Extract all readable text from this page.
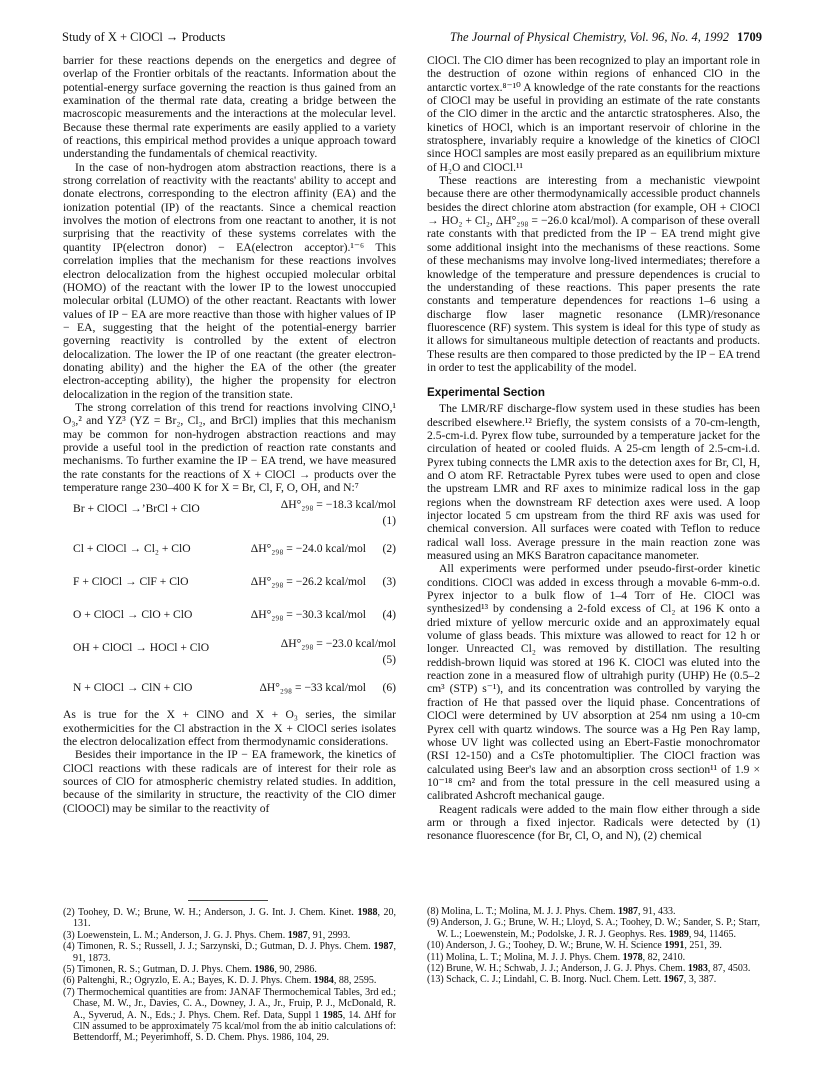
Study of X + ClOCl → Products	The Journal of Physical Chemistry, Vol. 96, No. 4, 1992 1709

barrier for these reactions depends on the energetics and degree of overlap of the Frontier orbitals of the reactants. Information about the potential-energy surface governing the reaction is thus gained from an examination of the thermal rate data, creating a bridge between the macroscopic measurements and the interactions at the molecular level. Because these thermal rate experiments are easily applied to a variety of reactions, this empirical method provides a unique approach toward understanding the fundamentals of chemical reactivity.

In the case of non-hydrogen atom abstraction reactions, there is a strong correlation of reactivity with the reactants' ability to accept and donate electrons, corresponding to the electron affinity (EA) and the ionization potential (IP) of the reactants. Since a chemical reaction involves the motion of electrons from one reactant to another, it is not surprising that the reactivity of these systems correlates with the quantity IP(electron donor) − EA(electron acceptor).¹⁻⁶ This correlation implies that the mechanism for these reactions involves electron delocalization from the highest occupied molecular orbital (HOMO) of the reactant with the lower IP to the lowest unoccupied molecular orbital (LUMO) of the other reactant. Reactants with lower values of IP − EA are more reactive than those with higher values of IP − EA, suggesting that the height of the potential-energy barrier governing reactivity is controlled by the extent of electron delocalization. The lower the IP of one reactant (the greater electron-donating ability) and the higher the EA of the other (the greater electron-accepting ability), the higher the propensity for electron delocalization in the region of the transition state.

The strong correlation of this trend for reactions involving ClNO,¹ O₃,² and YZ³ (YZ = Br₂, Cl₂, and BrCl) implies that this mechanism may be common for non-hydrogen abstraction reactions and may provide a useful tool in the prediction of reaction rate constants and mechanisms. To further examine the IP − EA trend, we have measured the rate constants for the reactions of X + ClOCl → products over the temperature range 230–400 K for X = Br, Cl, F, O, OH, and N:⁷

Br + ClOCl →’BrCl + ClO	ΔH°₂₉₈ = −18.3 kcal/mol
(1)
Cl + ClOCl → Cl₂ + ClO	ΔH°₂₉₈ = −24.0 kcal/mol (2)
F + ClOCl → ClF + ClO	ΔH°₂₉₈ = −26.2 kcal/mol (3)
O + ClOCl → ClO + ClO	ΔH°₂₉₈ = −30.3 kcal/mol (4)
OH + ClOCl → HOCl + ClO	ΔH°₂₉₈ = −23.0 kcal/mol
(5)
N + ClOCl → ClN + ClO	ΔH°₂₉₈ = −33 kcal/mol (6)

As is true for the X + ClNO and X + O₃ series, the similar exothermicities for the Cl abstraction in the X + ClOCl series isolates the electron delocalization effect from thermodynamic considerations.

Besides their importance in the IP − EA framework, the kinetics of ClOCl reactions with these radicals are of interest for their role as sources of ClO for atmospheric chemistry related studies. In addition, because of the similarity in structure, the reactivity of the ClO dimer (ClOOCl) may be similar to the reactivity of

ClOCl. The ClO dimer has been recognized to play an important role in the destruction of ozone within regions of enhanced ClO in the antarctic vortex.⁸⁻¹⁰ A knowledge of the rate constants for the reactions of ClOCl may be useful in providing an estimate of the rate constants of the ClO dimer in the arctic and the antarctic stratospheres. Also, the kinetics of HOCl, which is an important reservoir of chlorine in the stratosphere, invariably require a knowledge of the kinetics of ClOCl since HOCl samples are most easily prepared as an equilibrium mixture of H₂O and ClOCl.¹¹

These reactions are interesting from a mechanistic viewpoint because there are other thermodynamically accessible product channels besides the direct chlorine atom abstraction (for example, OH + ClOCl → HO₂ + Cl₂, ΔH°₂₉₈ = −26.0 kcal/mol). A comparison of these overall rate constants with that predicted from the IP − EA trend might give some additional insight into the mechanisms of these reactions. Some of these mechanisms may involve long-lived intermediates; therefore a knowledge of the temperature and pressure dependences is crucial to the understanding of these reactions. This paper presents the rate constants and temperature dependences for reactions 1–6 using a discharge flow laser magnetic resonance (LMR)/resonance fluorescence (RF) system. This system is ideal for this type of study as it allows for simultaneous multiple detection of reactants and products. These results are then compared to those predicted by the IP − EA trend in order to test the applicability of the model.

Experimental Section

The LMR/RF discharge-flow system used in these studies has been described elsewhere.¹² Briefly, the system consists of a 70-cm-length, 2.5-cm-i.d. Pyrex flow tube, surrounded by a temperature jacket for the circulation of heated or cooled fluids. A 25-cm length of 2.5-cm-i.d. Pyrex tubing connects the LMR axis to the detection axes for Br, Cl, H, and O atom RF. Retractable Pyrex tubes were used to open and close the upstream LMR and RF axes to minimize radical loss in the gap regions when the downstream RF detection axes were used. A loop injector located 5 cm upstream from the third RF axis was used for chemical conversion. All surfaces were coated with Teflon to reduce radical wall loss. Average pressure in the main reaction zone was measured using an MKS Baratron capacitance manometer.

All experiments were performed under pseudo-first-order kinetic conditions. ClOCl was added in excess through a movable 6-mm-o.d. Pyrex injector to a bulk flow of 1–4 Torr of He. ClOCl was synthesized¹³ by condensing a 2-fold excess of Cl₂ at 196 K onto a dried mixture of yellow mercuric oxide and an approximately equal volume of glass beads. This mixture was allowed to react for 12 h or longer. Unreacted Cl₂ was removed by distillation. The resulting reddish-brown liquid was stored at 196 K. ClOCl was eluted into the reaction zone in a measured flow of ultrahigh purity (UHP) He (0.5–2 cm³ (STP) s⁻¹), and its concentration was controlled by varying the fraction of He that passed over the liquid phase. Concentrations of ClOCl were determined by UV absorption at 254 nm using a 10-cm Pyrex cell with quartz windows. The source was a Hg Pen Ray lamp, whose UV light was collected using an Ebert-Fastie monochromator (RSI 12-150) and a CsTe photomultiplier. The ClOCl fraction was calculated using Beer's law and an absorption cross section¹¹ of 1.9 × 10⁻¹⁸ cm² and from the total pressure in the cell measured using a calibrated Ashcroft mechanical gauge.

Reagent radicals were added to the main flow either through a side arm or through a fixed injector. Radicals were detected by (1) resonance fluorescence (for Br, Cl, O, and N), (2) chemical

(2) Toohey, D. W.; Brune, W. H.; Anderson, J. G. Int. J. Chem. Kinet. 1988, 20, 131.

(3) Loewenstein, L. M.; Anderson, J. G. J. Phys. Chem. 1987, 91, 2993.

(4) Timonen, R. S.; Russell, J. J.; Sarzynski, D.; Gutman, D. J. Phys. Chem. 1987, 91, 1873.

(5) Timonen, R. S.; Gutman, D. J. Phys. Chem. 1986, 90, 2986.

(6) Paltenghi, R.; Ogryzlo, E. A.; Bayes, K. D. J. Phys. Chem. 1984, 88, 2595.

(7) Thermochemical quantities are from: JANAF Thermochemical Tables, 3rd ed.; Chase, M. W., Jr., Davies, C. A., Downey, J. A., Jr., Fruip, P. J., McDonald, R. A., Syverud, A. N., Eds.; J. Phys. Chem. Ref. Data, Suppl 1 1985, 14. ΔHf for ClN assumed to be approximately 75 kcal/mol from the ab initio calculations of: Bettendorff, M.; Peyerimhoff, S. D. Chem. Phys. 1986, 104, 29.

(8) Molina, L. T.; Molina, M. J. J. Phys. Chem. 1987, 91, 433.

(9) Anderson, J. G.; Brune, W. H.; Lloyd, S. A.; Toohey, D. W.; Sander, S. P.; Starr, W. L.; Loewenstein, M.; Podolske, J. R. J. Geophys. Res. 1989, 94, 11465.

(10) Anderson, J. G.; Toohey, D. W.; Brune, W. H. Science 1991, 251, 39.

(11) Molina, L. T.; Molina, M. J. J. Phys. Chem. 1978, 82, 2410.

(12) Brune, W. H.; Schwab, J. J.; Anderson, J. G. J. Phys. Chem. 1983, 87, 4503.

(13) Schack, C. J.; Lindahl, C. B. Inorg. Nucl. Chem. Lett. 1967, 3, 387.
